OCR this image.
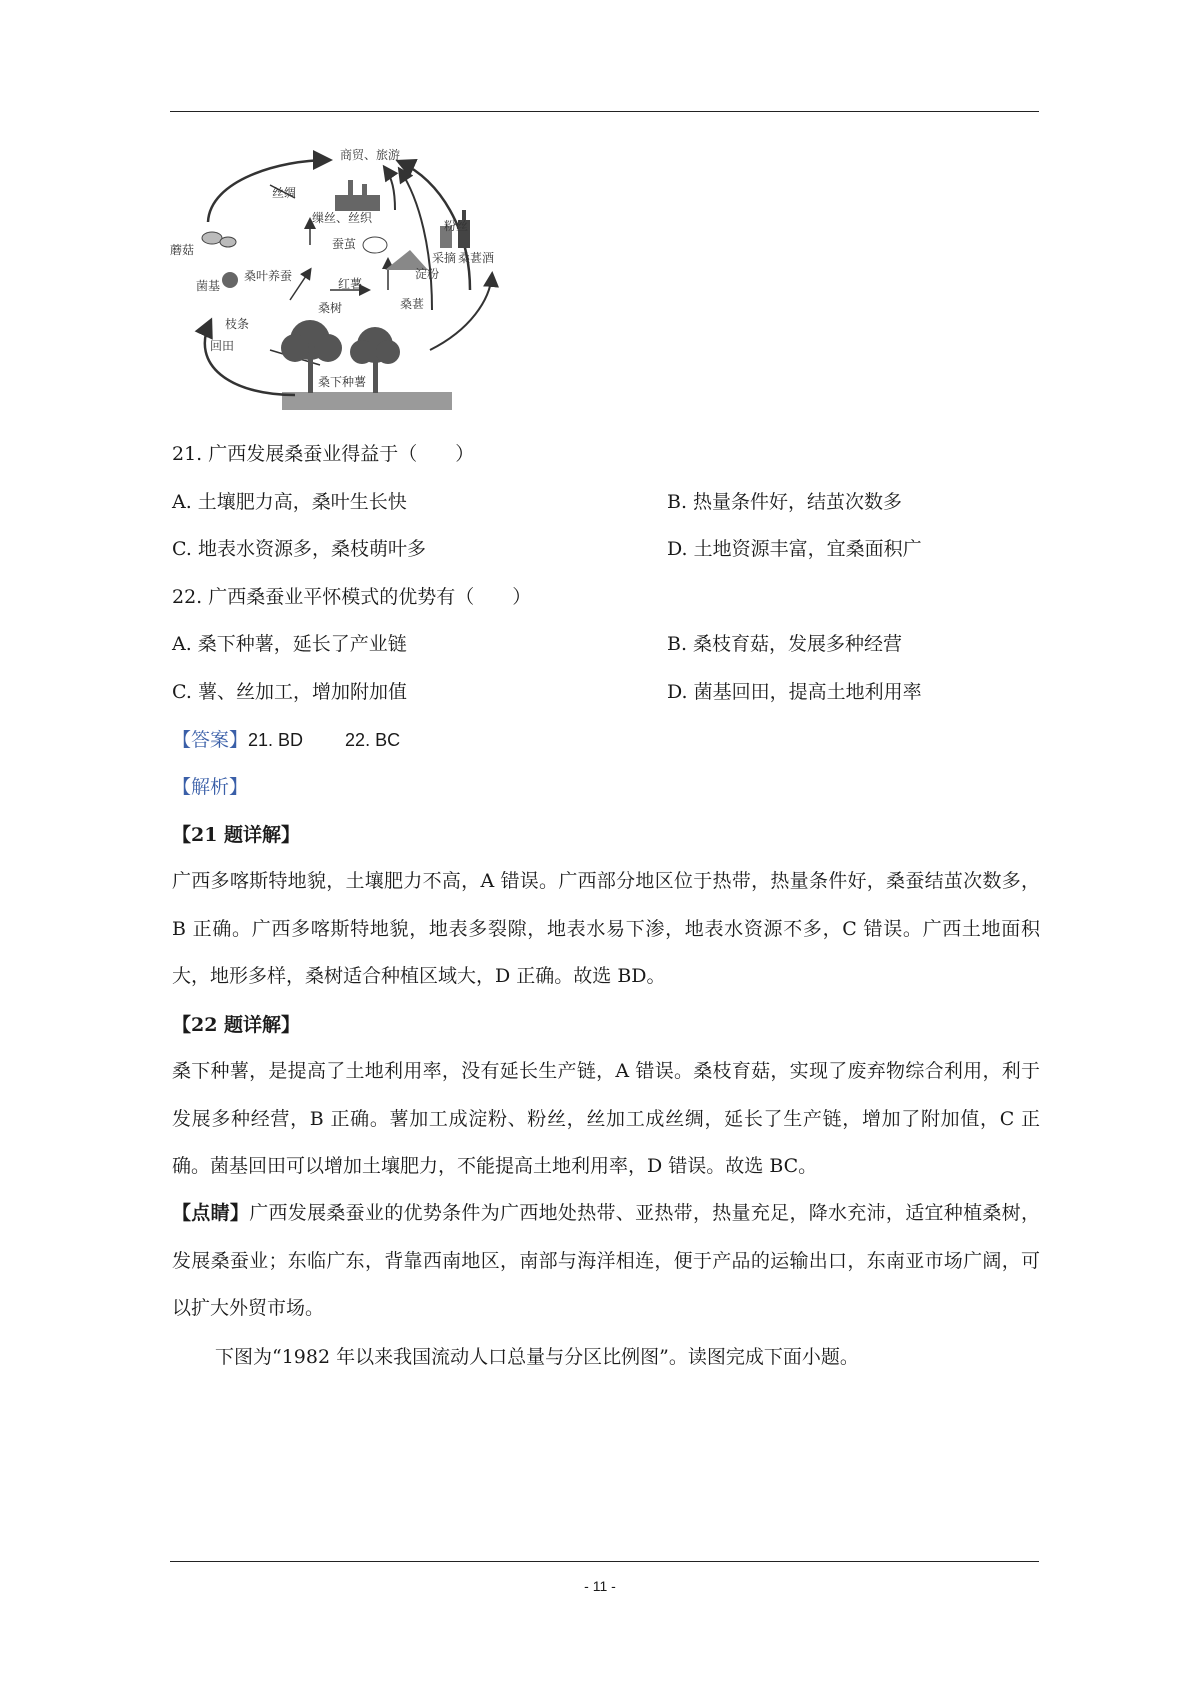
商贸、旅游
丝绸
缫丝、丝织
粉丝
蘑菇	蚕茧
桑叶养蚕	淀粉
采摘 桑葚酒
菌基	红薯
桑树	桑葚
枝条
回田
桑下种薯
21. 广西发展桑蚕业得益于（　　）
A. 土壤肥力高，桑叶生长快	B. 热量条件好，结茧次数多
C. 地表水资源多，桑枝萌叶多	D. 土地资源丰富，宜桑面积广
22. 广西桑蚕业平怀模式的优势有（　　）
A. 桑下种薯，延长了产业链	B. 桑枝育菇，发展多种经营
C. 薯、丝加工，增加附加值	D. 菌基回田，提高土地利用率
【答案】21. BD 22. BC
【解析】
【21 题详解】
广西多喀斯特地貌，土壤肥力不高，A 错误。广西部分地区位于热带，热量条件好，桑蚕结茧次数多，B 正确。广西多喀斯特地貌，地表多裂隙，地表水易下渗，地表水资源不多，C 错误。广西土地面积大，地形多样，桑树适合种植区域大，D 正确。故选 BD。
【22 题详解】
桑下种薯，是提高了土地利用率，没有延长生产链，A 错误。桑枝育菇，实现了废弃物综合利用，利于发展多种经营，B 正确。薯加工成淀粉、粉丝，丝加工成丝绸，延长了生产链，增加了附加值，C 正确。菌基回田可以增加土壤肥力，不能提高土地利用率，D 错误。故选 BC。
【点睛】广西发展桑蚕业的优势条件为广西地处热带、亚热带，热量充足，降水充沛，适宜种植桑树，发展桑蚕业；东临广东，背靠西南地区，南部与海洋相连，便于产品的运输出口，东南亚市场广阔，可以扩大外贸市场。
下图为“1982 年以来我国流动人口总量与分区比例图”。读图完成下面小题。
- 11 -
